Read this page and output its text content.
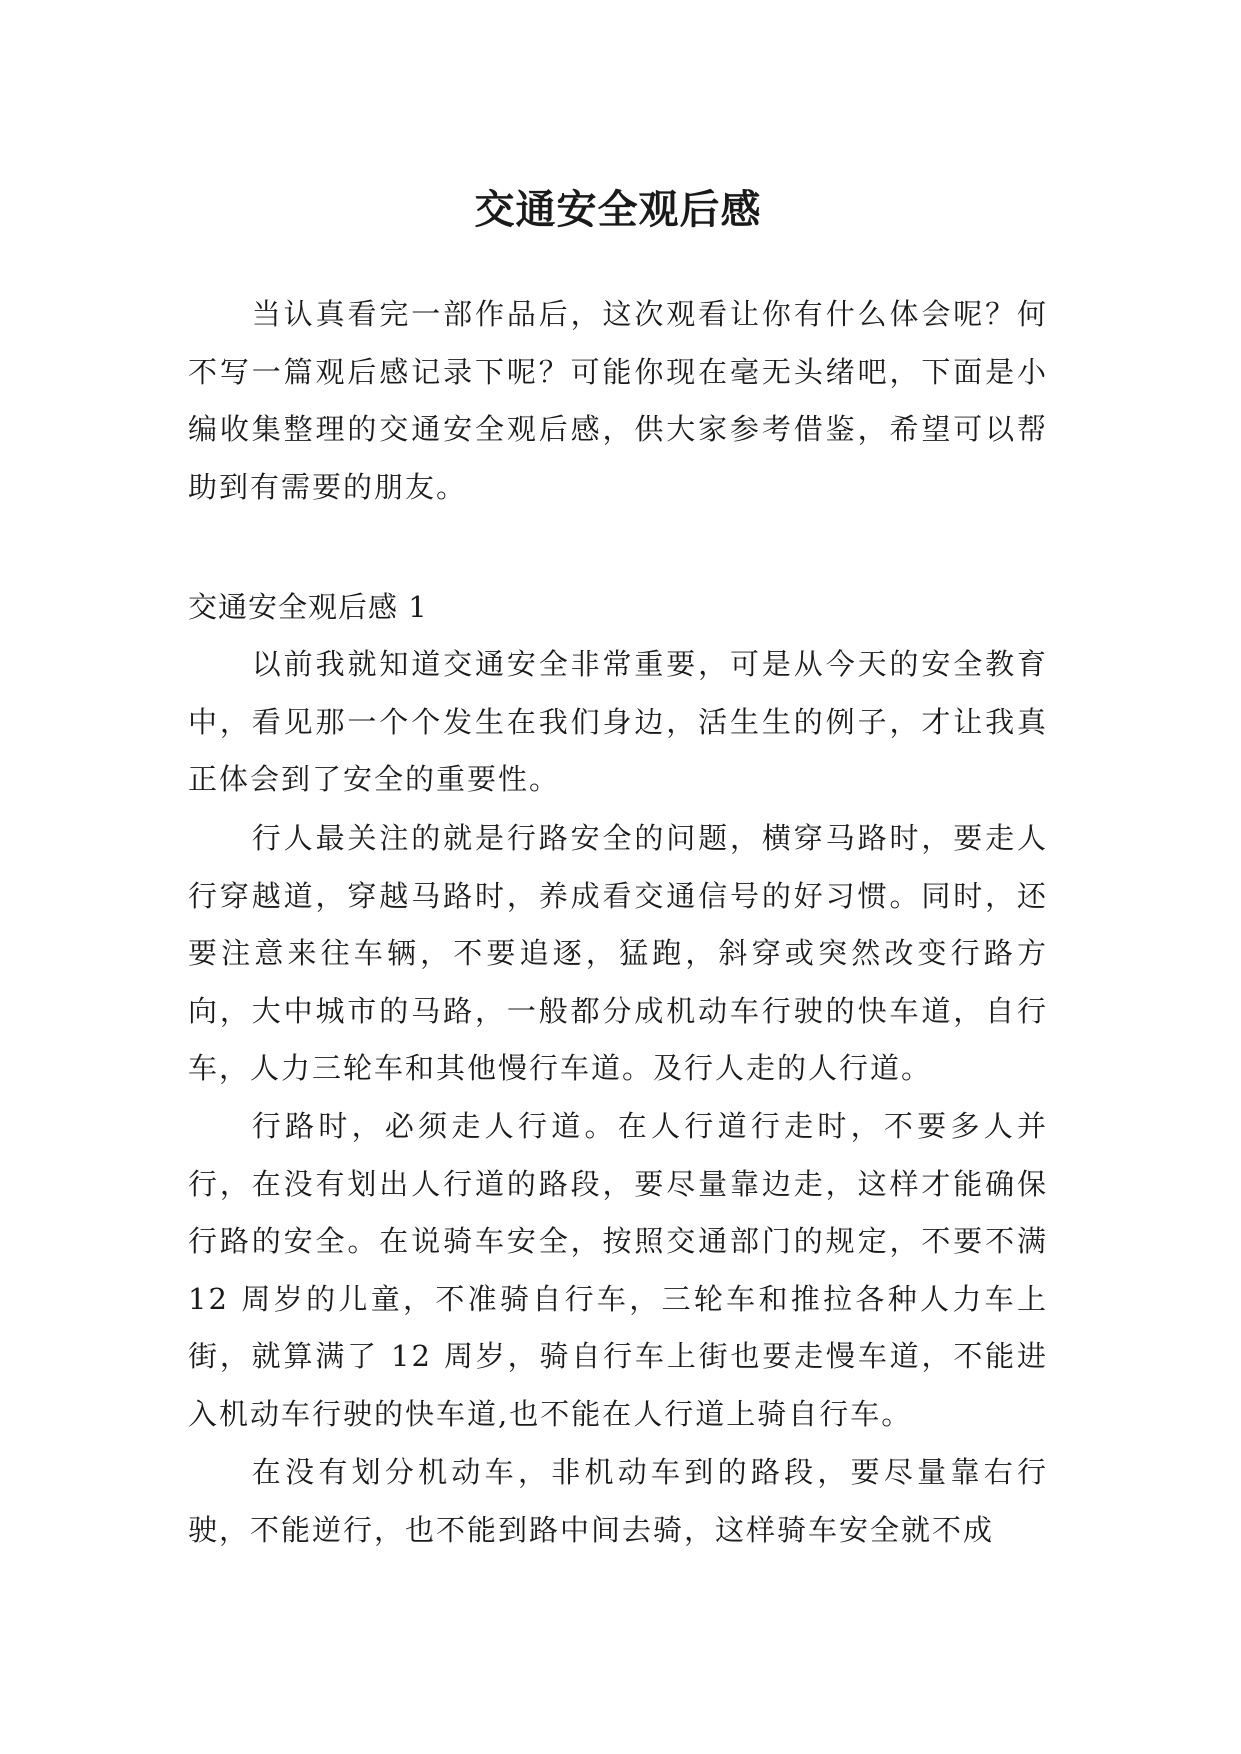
交通安全观后感

当认真看完一部作品后，这次观看让你有什么体会呢？何不写一篇观后感记录下呢？可能你现在毫无头绪吧，下面是小编收集整理的交通安全观后感，供大家参考借鉴，希望可以帮助到有需要的朋友。

交通安全观后感 1

以前我就知道交通安全非常重要，可是从今天的安全教育中，看见那一个个发生在我们身边，活生生的例子，才让我真正体会到了安全的重要性。

行人最关注的就是行路安全的问题，横穿马路时，要走人行穿越道，穿越马路时，养成看交通信号的好习惯。同时，还要注意来往车辆，不要追逐，猛跑，斜穿或突然改变行路方向，大中城市的马路，一般都分成机动车行驶的快车道，自行车，人力三轮车和其他慢行车道。及行人走的人行道。

行路时，必须走人行道。在人行道行走时，不要多人并行，在没有划出人行道的路段，要尽量靠边走，这样才能确保行路的安全。在说骑车安全，按照交通部门的规定，不要不满 12 周岁的儿童，不准骑自行车，三轮车和推拉各种人力车上街，就算满了 12 周岁，骑自行车上街也要走慢车道，不能进入机动车行驶的快车道,也不能在人行道上骑自行车。

在没有划分机动车，非机动车到的路段，要尽量靠右行驶，不能逆行，也不能到路中间去骑，这样骑车安全就不成
